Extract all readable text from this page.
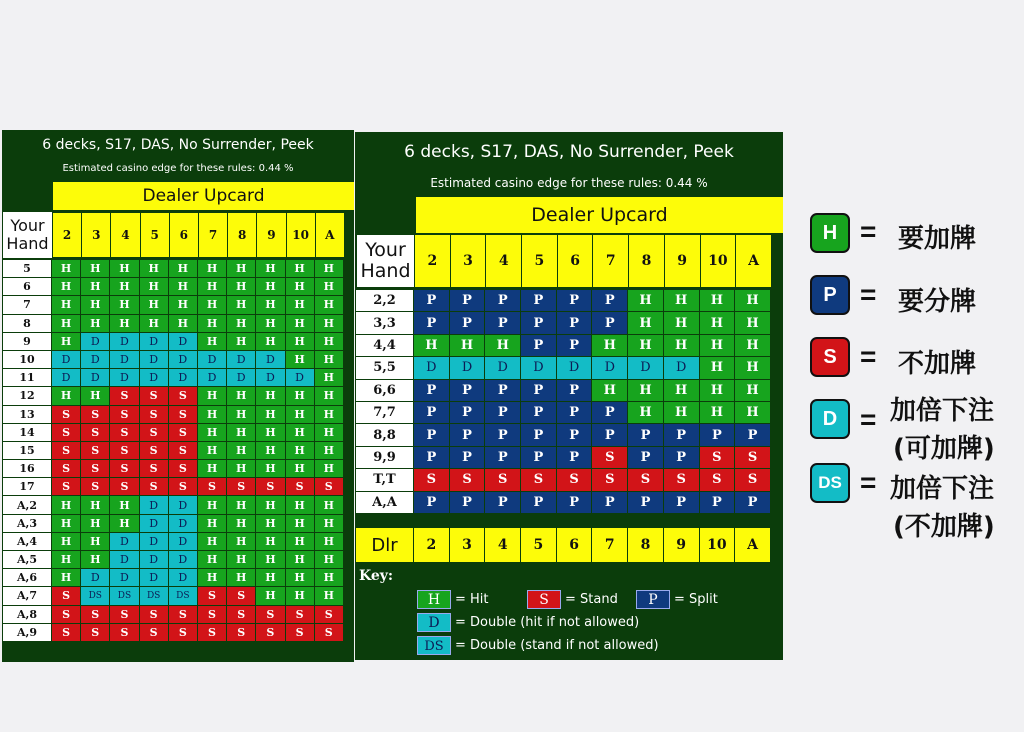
6 decks, S17, DAS, No Surrender, Peek
Estimated casino edge for these rules: 0.44 %
Dealer Upcard
Your Hand 2	3	4	5	6	7	8	9	10	A
5	H	H	H	H	H	H	H	H	H	H
6	H	H	H	H	H	H	H	H	H	H
7	H	H	H	H	H	H	H	H	H	H
8	H	H	H	H	H	H	H	H	H	H
9	H	D	D	D	D	H	H	H	H	H
10	D	D	D	D	D	D	D	D	H	H
11	D	D	D	D	D	D	D	D	D	H
12	H	H	S	S	S	H	H	H	H	H
13	S	S	S	S	S	H	H	H	H	H
14	S	S	S	S	S	H	H	H	H	H
15	S	S	S	S	S	H	H	H	H	H
16	S	S	S	S	S	H	H	H	H	H
17	S	S	S	S	S	S	S	S	S	S
A,2	H	H	H	D	D	H	H	H	H	H
A,3	H	H	H	D	D	H	H	H	H	H
A,4	H	H	D	D	D	H	H	H	H	H
A,5	H	H	D	D	D	H	H	H	H	H
A,6	H	D	D	D	D	H	H	H	H	H
A,7	S	DS	DS	DS	DS	S	S	H	H	H
A,8	S	S	S	S	S	S	S	S	S	S
A,9	S	S	S	S	S	S	S	S	S	S
6 decks, S17, DAS, No Surrender, Peek
Estimated casino edge for these rules: 0.44 %
Dealer Upcard
Your Hand 2	3	4	5	6	7	8	9	10	A
2,2	P	P	P	P	P	P	H	H	H	H
3,3	P	P	P	P	P	P	H	H	H	H
4,4	H	H	H	P	P	H	H	H	H	H
5,5	D	D	D	D	D	D	D	D	H	H
6,6	P	P	P	P	P	H	H	H	H	H
7,7	P	P	P	P	P	P	H	H	H	H
8,8	P	P	P	P	P	P	P	P	P	P
9,9	P	P	P	P	P	S	P	P	S	S
T,T	S	S	S	S	S	S	S	S	S	S
A,A	P	P	P	P	P	P	P	P	P	P
Dlr	2	3	4	5	6	7	8	9	10	A
Key:
H	= Hit	S	= Stand	P	= Split
D	= Double (hit if not allowed)
DS = Double (stand if not allowed)
H = 要加牌
P = 要分牌
S = 不加牌
D = 加倍下注
(可加牌)
DS = 加倍下注
(不加牌)
